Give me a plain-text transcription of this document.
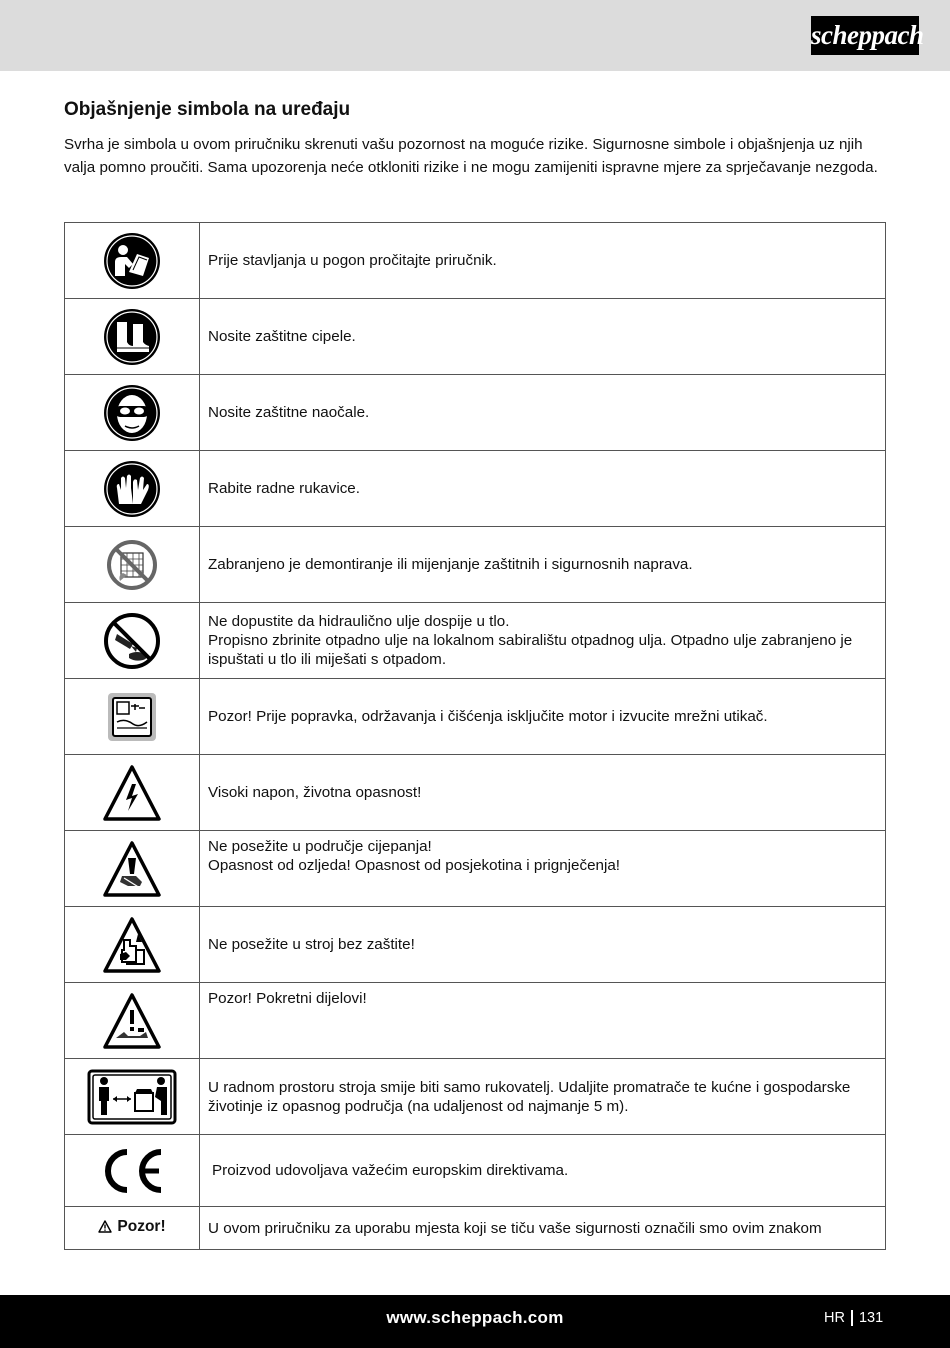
scheppach
Objašnjenje simbola na uređaju

Svrha je simbola u ovom priručniku skrenuti vašu pozornost na moguće rizike. Sigurnosne simbole i objašnjenja uz njih valja pomno proučiti. Sama upozorenja neće otkloniti rizike i ne mogu zamijeniti ispravne mjere za sprječavanje nezgoda.

Prije stavljanja u pogon pročitajte priručnik.

Nosite zaštitne cipele.

Nosite zaštitne naočale.

Rabite radne rukavice.

Zabranjeno je demontiranje ili mijenjanje zaštitnih i sigurnosnih naprava.

Ne dopustite da hidraulično ulje dospije u tlo.
Propisno zbrinite otpadno ulje na lokalnom sabiralištu otpadnog ulja. Otpadno ulje zabranjeno je ispuštati u tlo ili miješati s otpadom.

Pozor! Prije popravka, održavanja i čišćenja isključite motor i izvucite mrežni utikač.

Visoki napon, životna opasnost!

Ne posežite u područje cijepanja!
Opasnost od ozljeda! Opasnost od posjekotina i prignječenja!

Ne posežite u stroj bez zaštite!

Pozor! Pokretni dijelovi!

U radnom prostoru stroja smije biti samo rukovatelj. Udaljite promatrače te kućne i gospodarske životinje iz opasnog područja (na udaljenost od najmanje 5 m).

Proizvod udovoljava važećim europskim direktivama.

Pozor!	U ovom priručniku za uporabu mjesta koji se tiču vaše sigurnosti označili smo ovim znakom
www.scheppach.com	HR 131
